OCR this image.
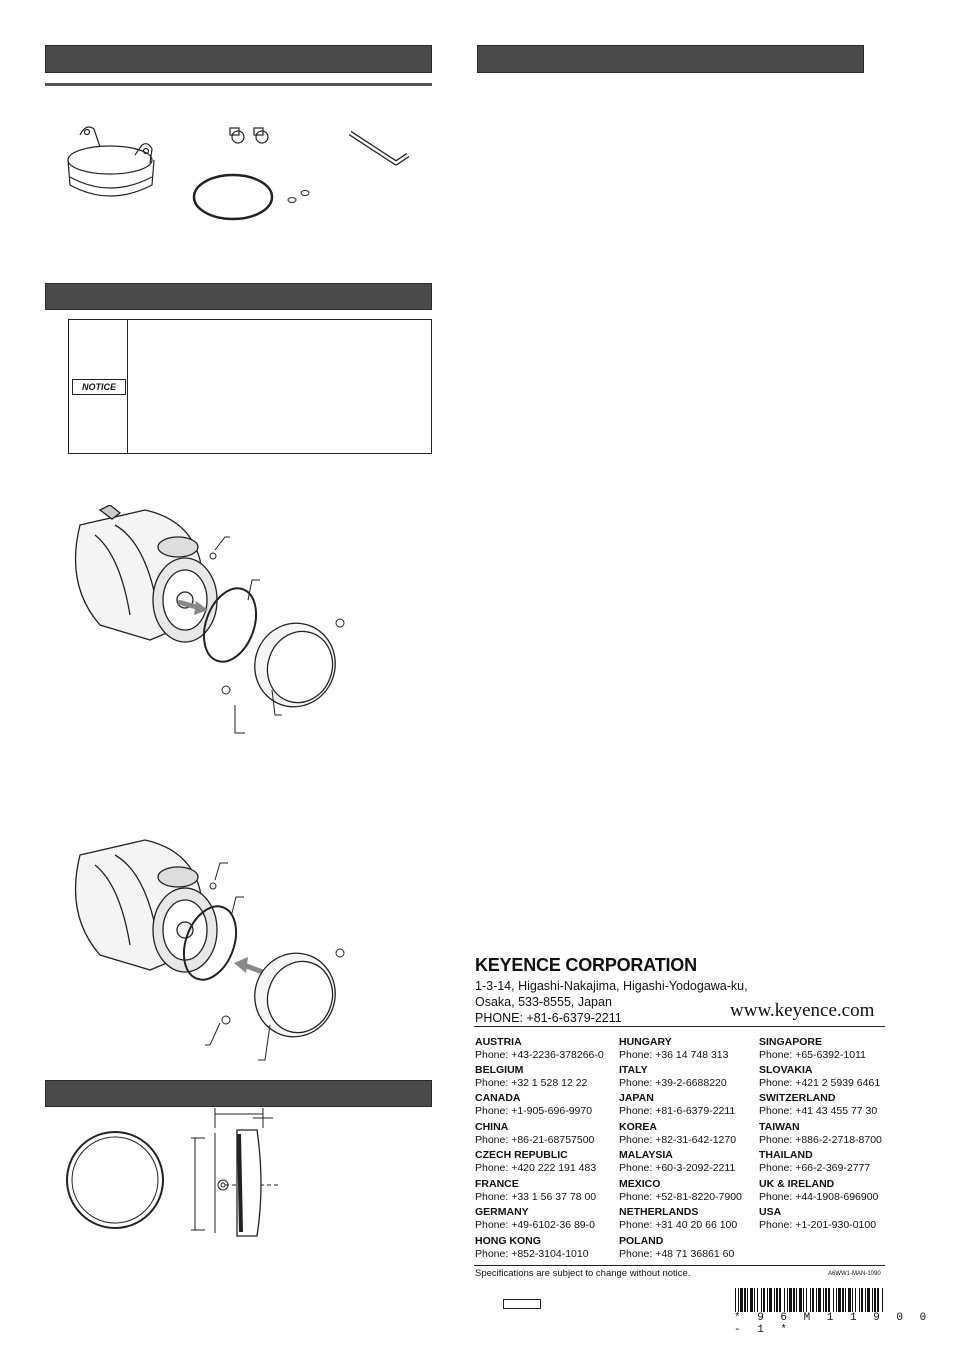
NOTICE
KEYENCE CORPORATION
1-3-14, Higashi-Nakajima, Higashi-Yodogawa-ku,
Osaka, 533-8555, Japan
PHONE: +81-6-6379-2211	www.keyence.com
AUSTRIA
Phone: +43-2236-378266-0
BELGIUM
Phone: +32 1 528 12 22
CANADA
Phone: +1-905-696-9970
CHINA
Phone: +86-21-68757500
CZECH REPUBLIC
Phone: +420 222 191 483
FRANCE
Phone: +33 1 56 37 78 00
GERMANY
Phone: +49-6102-36 89-0
HONG KONG
Phone: +852-3104-1010
HUNGARY
Phone: +36 14 748 313
ITALY
Phone: +39-2-6688220
JAPAN
Phone: +81-6-6379-2211
KOREA
Phone: +82-31-642-1270
MALAYSIA
Phone: +60-3-2092-2211
MEXICO
Phone: +52-81-8220-7900
NETHERLANDS
Phone: +31 40 20 66 100
POLAND
Phone: +48 71 36861 60
SINGAPORE
Phone: +65-6392-1011
SLOVAKIA
Phone: +421 2 5939 6461
SWITZERLAND
Phone: +41 43 455 77 30
TAIWAN
Phone: +886-2-2718-8700
THAILAND
Phone: +66-2-369-2777
UK & IRELAND
Phone: +44-1908-696900
USA
Phone: +1-201-930-0100
Specifications are subject to change without notice.	A6WW1-MAN-1090
* 9 6 M 1 1 9 0 0 - 1 *
